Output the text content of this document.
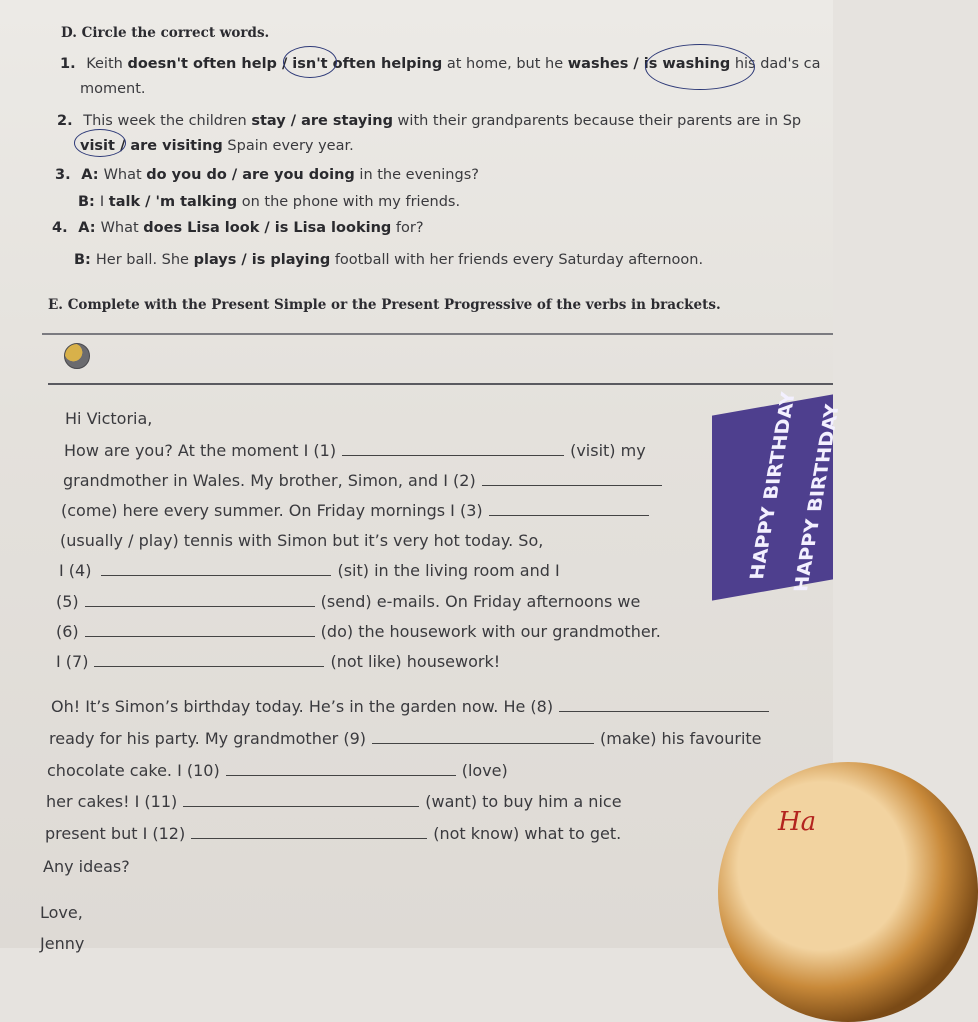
D. Circle the correct words.
1. Keith doesn't often help / isn't often helping at home, but he washes / is washing his dad's ca
moment.
2. This week the children stay / are staying with their grandparents because their parents are in Sp
visit / are visiting Spain every year.
3. A: What do you do / are you doing in the evenings?
B: I talk / 'm talking on the phone with my friends.
4. A: What does Lisa look / is Lisa looking for?
B: Her ball. She plays / is playing football with her friends every Saturday afternoon.
E. Complete with the Present Simple or the Present Progressive of the verbs in brackets.
Hi Victoria,
How are you? At the moment I (1)	(visit) my
grandmother in Wales. My brother, Simon, and I (2)
(come) here every summer. On Friday mornings I (3)
(usually / play) tennis with Simon but it’s very hot today. So,
I (4)	(sit) in the living room and I
(5)	(send) e-mails. On Friday afternoons we
(6)	(do) the housework with our grandmother.
I (7)	(not like) housework!
Oh! It’s Simon’s birthday today. He’s in the garden now. He (8)
ready for his party. My grandmother (9)	(make) his favourite
chocolate cake. I (10)	(love)
her cakes! I (11)	(want) to buy him a nice
present but I (12)	(not know) what to get.
Any ideas?
Love,
Jenny
HAPPY BIRTHDAY
HAPPY BIRTHDAY
Ha
